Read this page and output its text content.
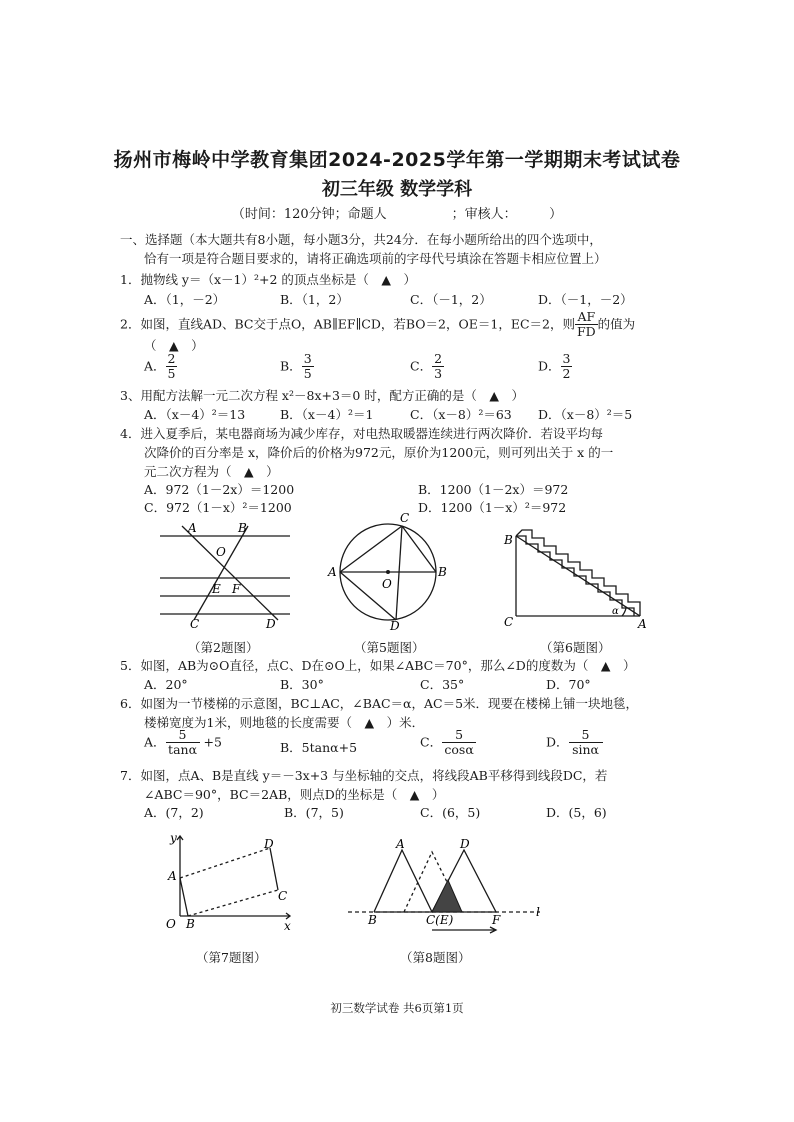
扬州市梅岭中学教育集团2024-2025学年第一学期期末考试试卷
初三年级 数学学科
（时间：120分钟；命题人　　　　　；审核人：　　　）
一、选择题（本大题共有8小题，每小题3分，共24分．在每小题所给出的四个选项中，
恰有一项是符合题目要求的，请将正确选项前的字母代号填涂在答题卡相应位置上）
1．抛物线 y＝（x－1）²+2 的顶点坐标是（　▲　）
A．（1，－2）	B．（1，2）	C．（－1，2）	D．（－1，－2）
2．如图，直线AD、BC交于点O，AB∥EF∥CD，若BO＝2，OE＝1，EC＝2，则 $\frac{AF}{FD}$ 的值为
（　▲　）
A． $\frac{2}{5}$	B． $\frac{3}{5}$	C． $\frac{2}{3}$	D． $\frac{3}{2}$
3、用配方法解一元二次方程 x²－8x+3＝0 时，配方正确的是（　▲　）
A．（x－4）²＝13	B．（x－4）²＝1	C．（x－8）²＝63 D．（x－8）²＝5
4．进入夏季后，某电器商场为减少库存，对电热取暖器连续进行两次降价．若设平均每
次降价的百分率是 x，降价后的价格为972元，原价为1200元，则可列出关于 x 的一
元二次方程为（　▲　）
A．972（1－2x）＝1200	B．1200（1－2x）＝972
C．972（1－x）²＝1200	D．1200（1－x）²＝972
A	B
O
E F
C	D
A	B
C
D
O
B
C	A
α
（第2题图）	（第5题图）	（第6题图）
5．如图，AB为⊙O直径，点C、D在⊙O上，如果∠ABC＝70°，那么∠D的度数为（　▲　）
A．20°	B．30°	C．35°	D．70°
6．如图为一节楼梯的示意图，BC⊥AC，∠BAC＝α，AC＝5米．现要在楼梯上铺一块地毯，
楼梯宽度为1米，则地毯的长度需要（　▲　）米．
A． $\frac{5}{\tan\alpha} +5$	B．5tanα+5	C． $\frac{5}{\cos\alpha}$	D． $\frac{5}{\sin\alpha}$
7．如图，点A、B是直线 y＝－3x+3 与坐标轴的交点，将线段AB平移得到线段DC，若
∠ABC＝90°，BC＝2AB，则点D的坐标是（　▲　）
A．(7，2)	B．(7，5)	C．(6，5)	D．(5，6)
y
x
A
O B
D
C
A	D
B	C(E)	F
l
（第7题图）	（第8题图）
初三数学试卷 共6页第1页
